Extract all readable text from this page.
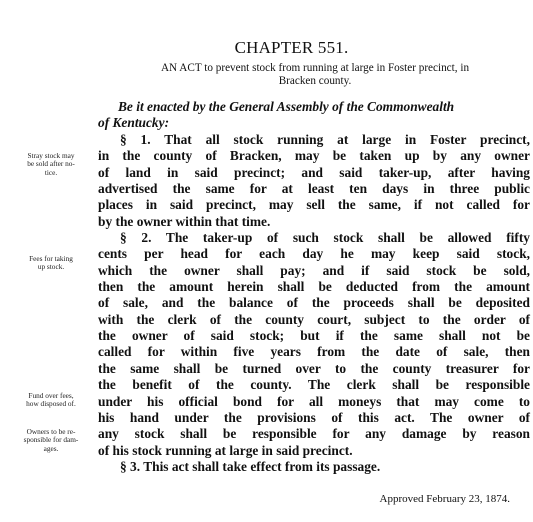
CHAPTER 551.
AN ACT to prevent stock from running at large in Foster precinct, in
Bracken county.
Be it enacted by the General Assembly of the Commonwealth
of Kentucky:
§ 1. That all stock running at large in Foster precinct,
in the county of Bracken, may be taken up by any owner
of land in said precinct; and said taker-up, after having
advertised the same for at least ten days in three public
places in said precinct, may sell the same, if not called for
by the owner within that time.
§ 2. The taker-up of such stock shall be allowed fifty
cents per head for each day he may keep said stock,
which the owner shall pay; and if said stock be sold,
then the amount herein shall be deducted from the amount
of sale, and the balance of the proceeds shall be deposited
with the clerk of the county court, subject to the order of
the owner of said stock; but if the same shall not be
called for within five years from the date of sale, then
the same shall be turned over to the county treasurer for
the benefit of the county. The clerk shall be responsible
under his official bond for all moneys that may come to
his hand under the provisions of this act. The owner of
any stock shall be responsible for any damage by reason
of his stock running at large in said precinct.
§ 3. This act shall take effect from its passage.
Stray stock may
be sold after no-
tice.
Fees for taking
up stock.
Fund over fees,
how disposed of.
Owners to be re-
sponsible for dam-
ages.
Approved February 23, 1874.
